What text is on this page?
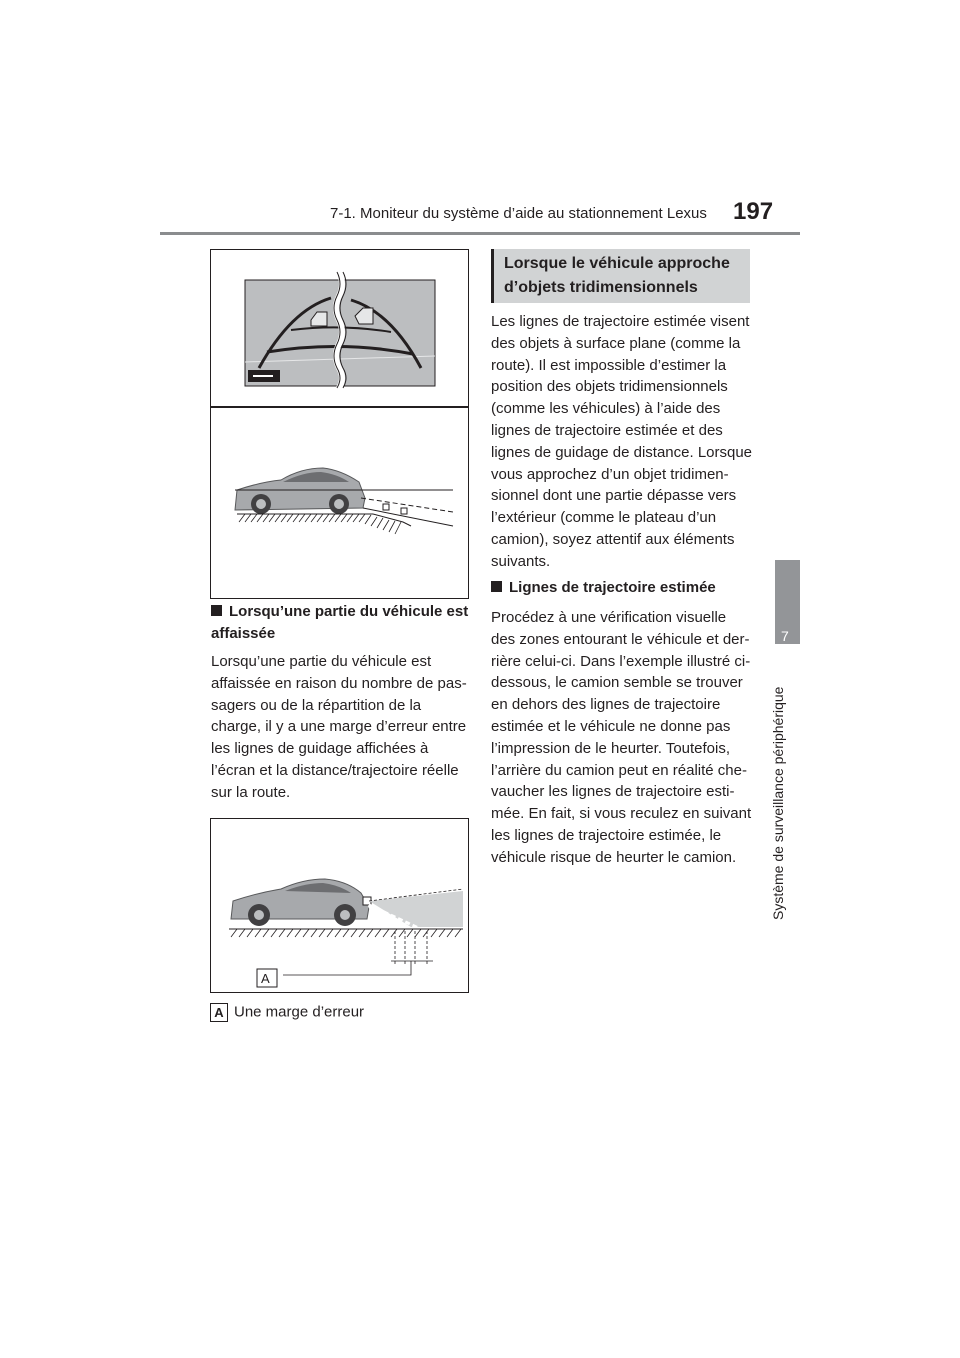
7-1. Moniteur du système d’aide au stationnement Lexus	197
7
Système de surveillance périphérique
Lorsqu’une partie du véhicule est affaissée
Lorsqu’une partie du véhicule est
affaissée en raison du nombre de pas-
sagers ou de la répartition de la
charge, il y a une marge d’erreur entre
les lignes de guidage affichées à
l’écran et la distance/trajectoire réelle
sur la route.
A
A Une marge d’erreur
Lorsque le véhicule approche
d’objets tridimensionnels
Les lignes de trajectoire estimée visent
des objets à surface plane (comme la
route). Il est impossible d’estimer la
position des objets tridimensionnels
(comme les véhicules) à l’aide des
lignes de trajectoire estimée et des
lignes de guidage de distance. Lorsque
vous approchez d’un objet tridimen-
sionnel dont une partie dépasse vers
l’extérieur (comme le plateau d’un
camion), soyez attentif aux éléments
suivants.
Lignes de trajectoire estimée
Procédez à une vérification visuelle
des zones entourant le véhicule et der-
rière celui-ci. Dans l’exemple illustré ci-
dessous, le camion semble se trouver
en dehors des lignes de trajectoire
estimée et le véhicule ne donne pas
l’impression de le heurter. Toutefois,
l’arrière du camion peut en réalité che-
vaucher les lignes de trajectoire esti-
mée. En fait, si vous reculez en suivant
les lignes de trajectoire estimée, le
véhicule risque de heurter le camion.
